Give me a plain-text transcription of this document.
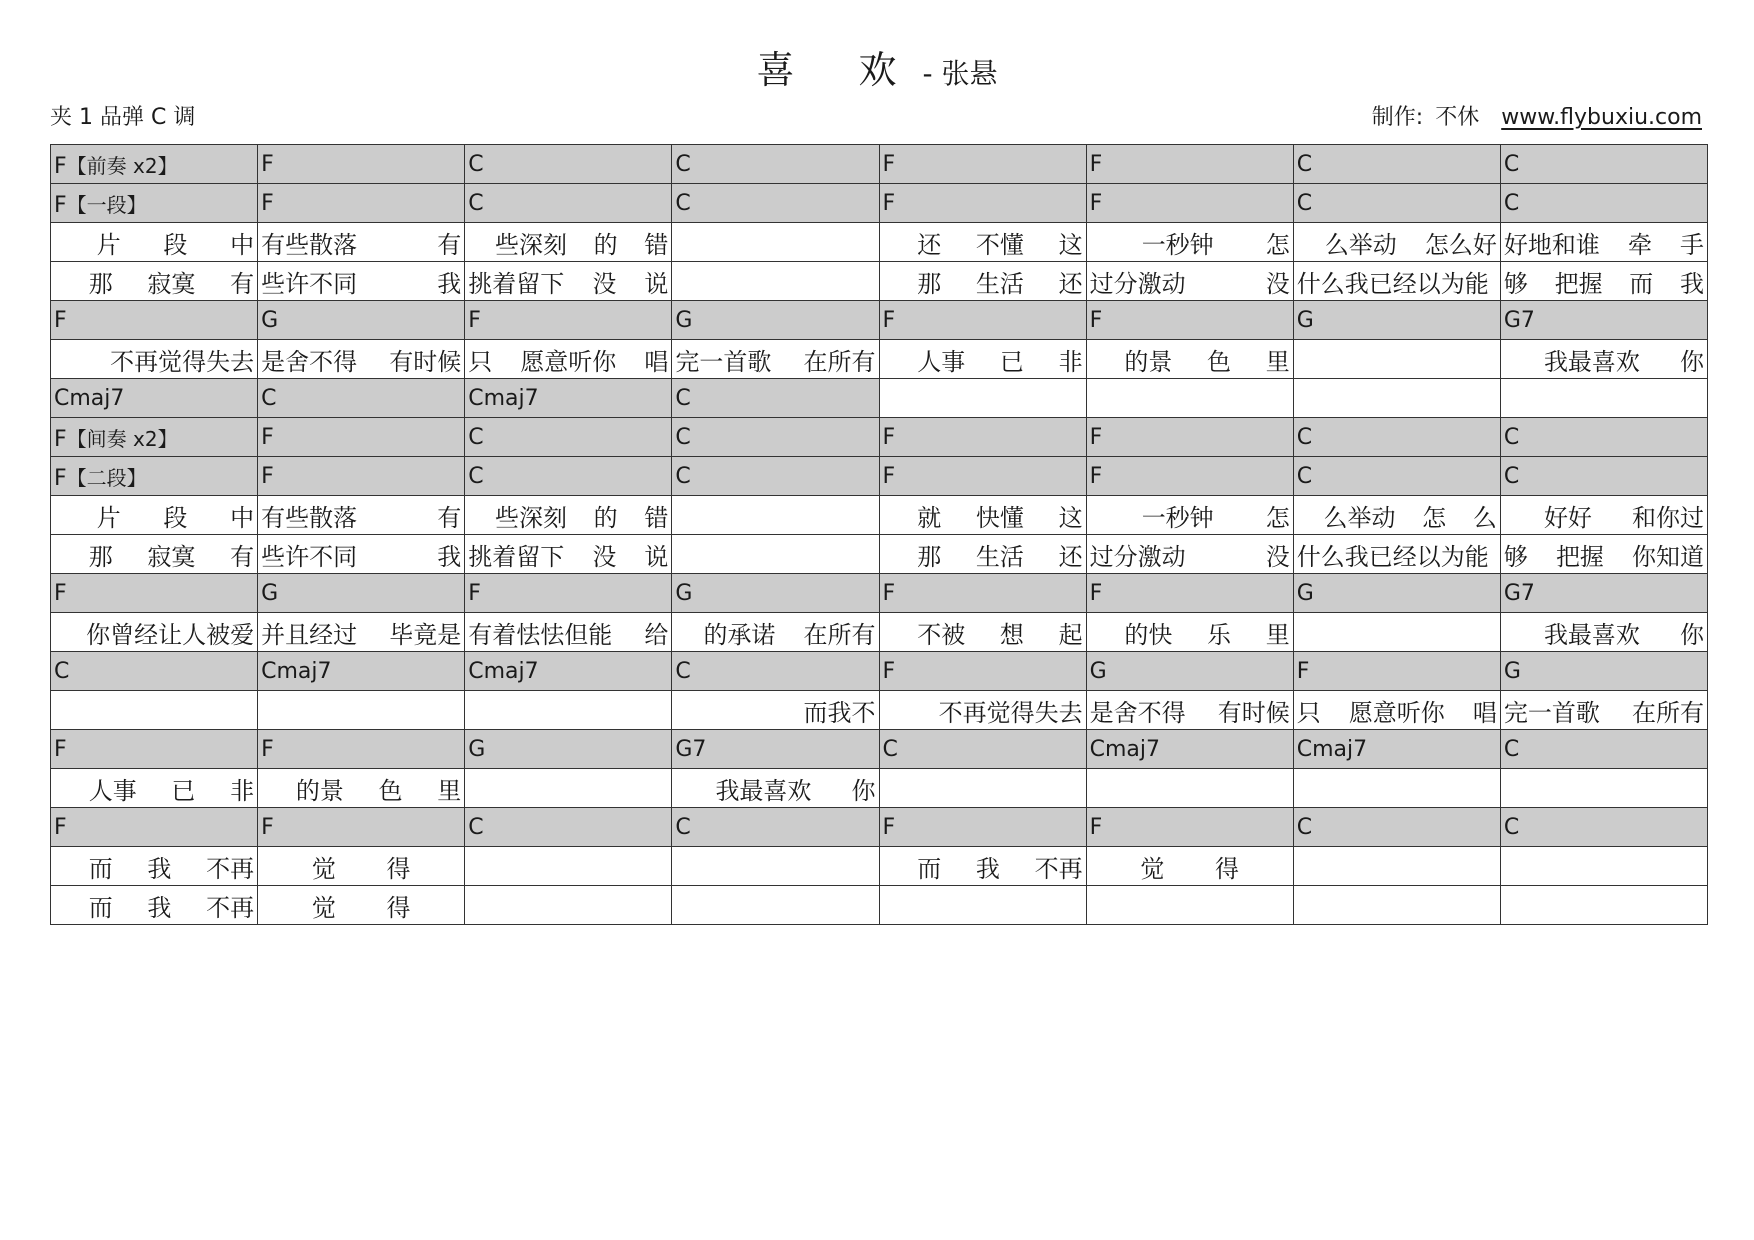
喜 欢- 张悬
夹 1 品弹 C 调	制作: 不休 www.flybuxiu.com
F【前奏 x2】	F	C	C	F	F	C	C
F【一段】	F	C	C	F	F	C	C

片 段 中	有些散落 有	些深刻 的 错		还 不懂 这	一秒钟 怎	么举动 怎么好	好地和谁 牵 手

那 寂寞 有	些许不同 我	挑着留下 没 说		那 生活 还	过分激动 没	什么我已经以为能	够 把握 而 我

F	G	F	G	F	F	G	G7

不再觉得失去	是舍不得 有时候	只 愿意听你 唱	完一首歌 在所有	人事 已 非	的景 色 里		我最喜欢 你

Cmaj7	C	Cmaj7	C				
F【间奏 x2】	F	C	C	F	F	C	C
F【二段】	F	C	C	F	F	C	C

片 段 中	有些散落 有	些深刻 的 错		就 快懂 这	一秒钟 怎	么举动 怎 么	好好 和你过

那 寂寞 有	些许不同 我	挑着留下 没 说		那 生活 还	过分激动 没	什么我已经以为能	够 把握 你知道

F	G	F	G	F	F	G	G7

你曾经让人被爱	并且经过 毕竟是	有着怯怯但能 给	的承诺 在所有	不被 想 起	的快 乐 里		我最喜欢 你

C	Cmaj7	Cmaj7	C	F	G	F	G

			而我不	不再觉得失去	是舍不得 有时候	只 愿意听你 唱	完一首歌 在所有

F	F	G	G7	C	Cmaj7	Cmaj7	C

人事 已 非	的景 色 里		我最喜欢 你				

F	F	C	C	F	F	C	C

而 我 不再	觉 得			而 我 不再	觉 得		

而 我 不再	觉 得						
